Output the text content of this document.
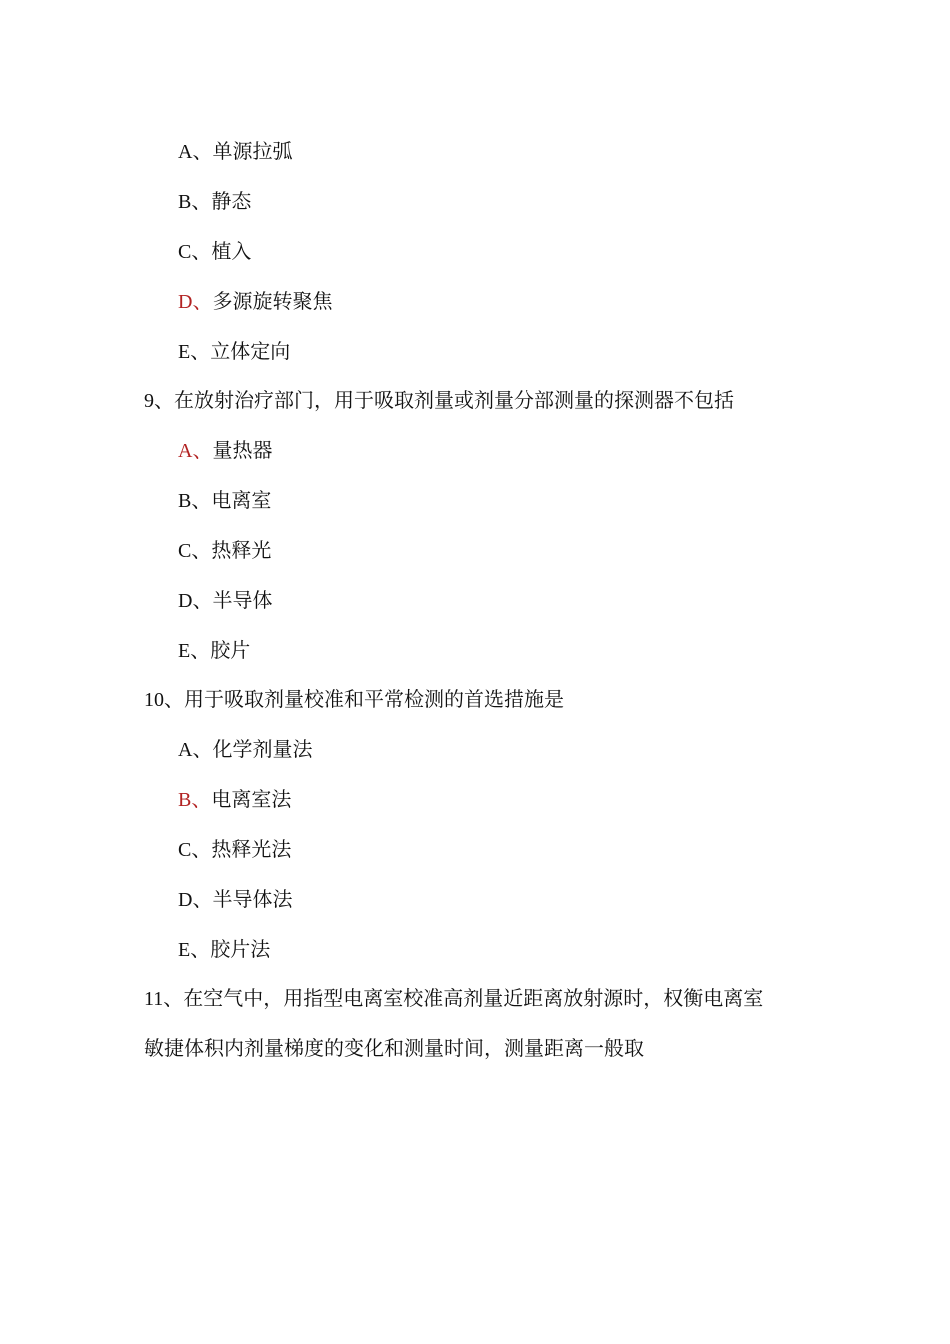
A、单源拉弧
B、静态
C、植入
D、多源旋转聚焦
E、立体定向
9、在放射治疗部门，用于吸取剂量或剂量分部测量的探测器不包括
A、量热器
B、电离室
C、热释光
D、半导体
E、胶片
10、用于吸取剂量校准和平常检测的首选措施是
A、化学剂量法
B、电离室法
C、热释光法
D、半导体法
E、胶片法
11、在空气中，用指型电离室校准高剂量近距离放射源时，权衡电离室
敏捷体积内剂量梯度的变化和测量时间，测量距离一般取
